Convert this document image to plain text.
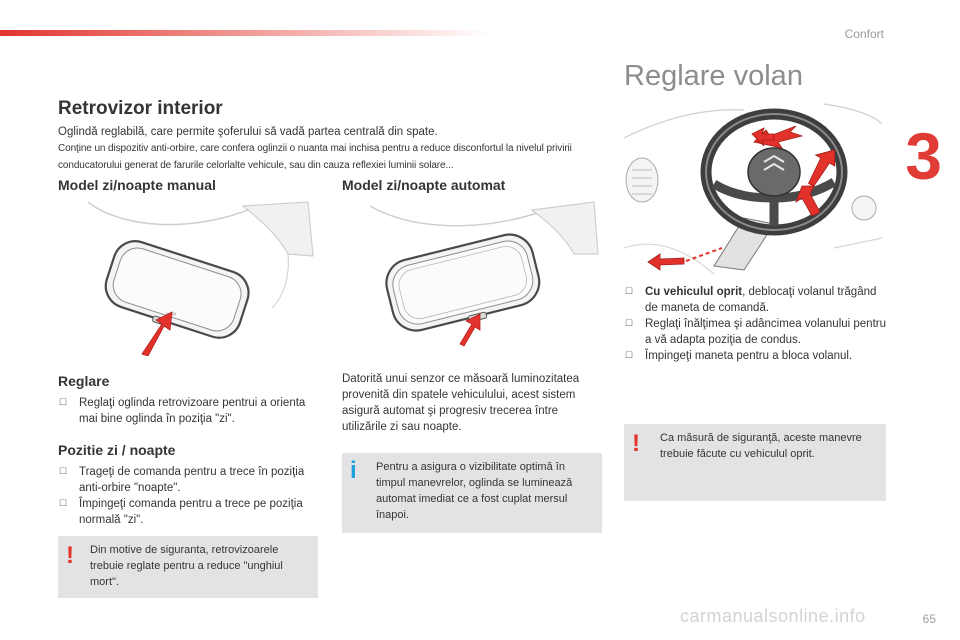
Confort
3
Retrovizor interior
Oglindă reglabilă, care permite şoferului să vadă partea centrală din spate.
Conţine un dispozitiv anti-orbire, care confera oglinzii o nuanta mai inchisa pentru a reduce disconfortul la nivelul privirii conducatorului generat de farurile celorlalte vehicule, sau din cauza reflexiei luminii solare...
Model zi/noapte manual	Model zi/noapte automat
Reglare
☐ Reglaţi oglinda retrovizoare pentrui a orienta mai bine oglinda în poziţia "zi".
Pozitie zi / noapte
☐ Trageţi de comanda pentru a trece în poziţia anti-orbire "noapte".
☐ Împingeţi comanda pentru a trece pe poziţia normală "zi".
! Din motive de siguranta, retrovizoarele trebuie reglate pentru a reduce "unghiul mort".
Datorită unui senzor ce măsoară luminozitatea provenită din spatele vehiculului, acest sistem asigură automat şi progresiv trecerea între utilizările zi sau noapte.
i Pentru a asigura o vizibilitate optimă în timpul manevrelor, oglinda se luminează automat imediat ce a fost cuplat mersul înapoi.
Reglare volan
☐ Cu vehiculul oprit, deblocaţi volanul trăgând de maneta de comandă.
☐ Reglaţi înălţimea şi adâncimea volanului pentru a vă adapta poziţia de condus.
☐ Împingeţi maneta pentru a bloca volanul.
! Ca măsură de siguranţă, aceste manevre trebuie făcute cu vehiculul oprit.
carmanualsonline.info	65
